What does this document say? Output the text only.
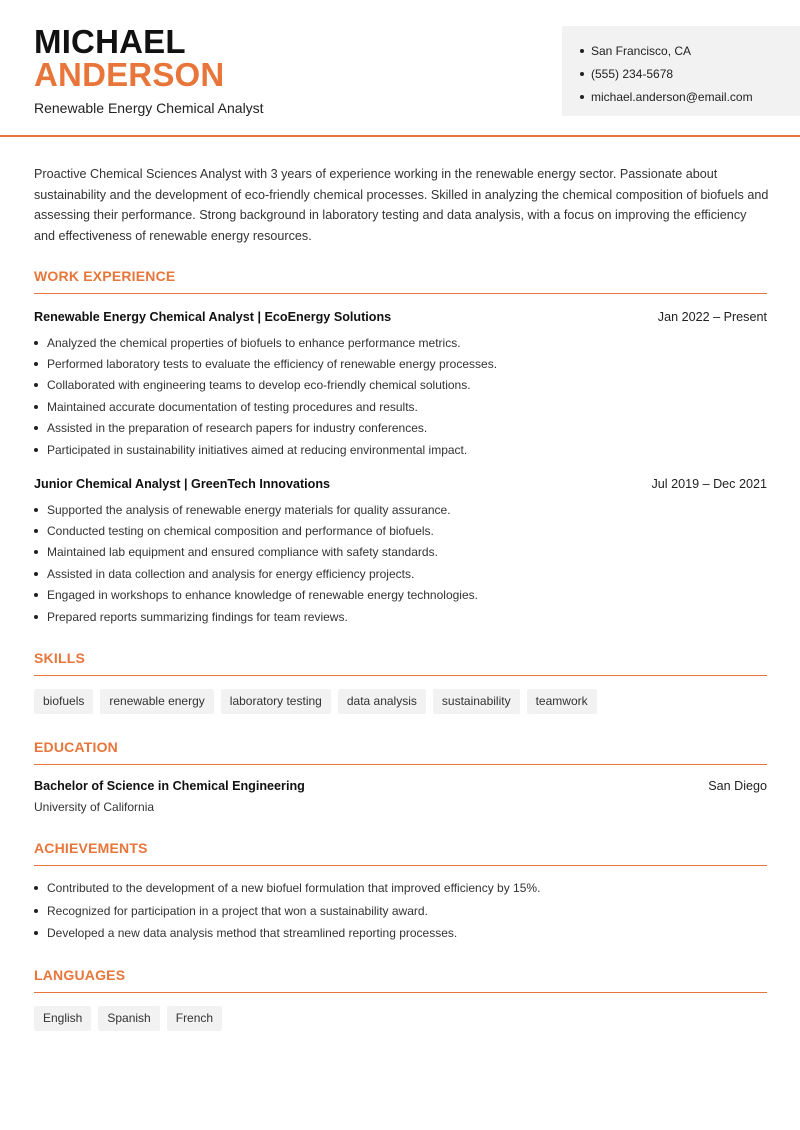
MICHAEL
ANDERSON
Renewable Energy Chemical Analyst
San Francisco, CA
(555) 234-5678
michael.anderson@email.com

Proactive Chemical Sciences Analyst with 3 years of experience working in the renewable energy sector. Passionate about sustainability and the development of eco-friendly chemical processes. Skilled in analyzing the chemical composition of biofuels and assessing their performance. Strong background in laboratory testing and data analysis, with a focus on improving the efficiency and effectiveness of renewable energy resources.

WORK EXPERIENCE
Renewable Energy Chemical Analyst | EcoEnergy Solutions	Jan 2022 – Present
Analyzed the chemical properties of biofuels to enhance performance metrics.
Performed laboratory tests to evaluate the efficiency of renewable energy processes.
Collaborated with engineering teams to develop eco-friendly chemical solutions.
Maintained accurate documentation of testing procedures and results.
Assisted in the preparation of research papers for industry conferences.
Participated in sustainability initiatives aimed at reducing environmental impact.
Junior Chemical Analyst | GreenTech Innovations	Jul 2019 – Dec 2021
Supported the analysis of renewable energy materials for quality assurance.
Conducted testing on chemical composition and performance of biofuels.
Maintained lab equipment and ensured compliance with safety standards.
Assisted in data collection and analysis for energy efficiency projects.
Engaged in workshops to enhance knowledge of renewable energy technologies.
Prepared reports summarizing findings for team reviews.
SKILLS
biofuels	renewable energy	laboratory testing	data analysis	sustainability	teamwork
EDUCATION
Bachelor of Science in Chemical Engineering	San Diego
University of California
ACHIEVEMENTS
Contributed to the development of a new biofuel formulation that improved efficiency by 15%.
Recognized for participation in a project that won a sustainability award.
Developed a new data analysis method that streamlined reporting processes.
LANGUAGES
English	Spanish	French
